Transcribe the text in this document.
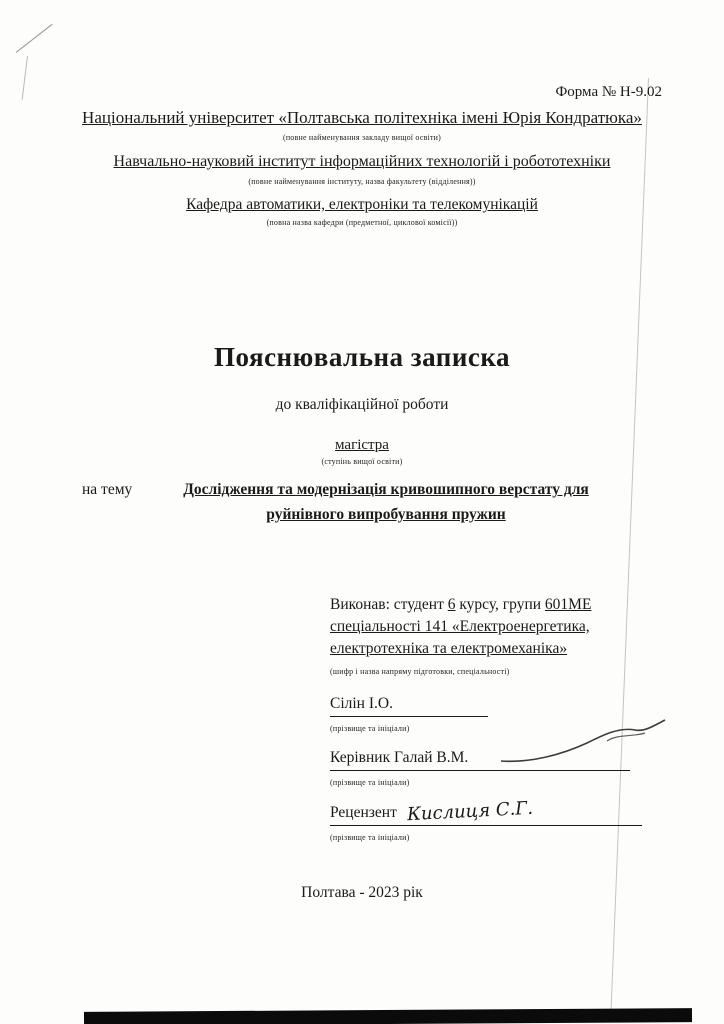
Форма № Н-9.02
Національний університет «Полтавська політехніка імені Юрія Кондратюка»
(повне найменування закладу вищої освіти)
Навчально-науковий інститут інформаційних технологій і робототехніки
(повне найменування інституту, назва факультету (відділення))
Кафедра автоматики, електроніки та телекомунікацій
(повна назва кафедри (предметної, циклової комісії))
Пояснювальна записка
до кваліфікаційної роботи
магістра
(ступінь вищої освіти)
на тему	Дослідження та модернізація кривошипного верстату для
руйнівного випробування пружин
Виконав: студент 6 курсу, групи 601МЕ
спеціальності 141 «Електроенергетика,
електротехніка та електромеханіка»
(шифр і назва напряму підготовки, спеціальності)
Сілін І.О.
(прізвище та ініціали)
Керівник Галай В.М.
(прізвище та ініціали)
Рецензент Кислиця С.Г.
(прізвище та ініціали)
Полтава - 2023 рік
